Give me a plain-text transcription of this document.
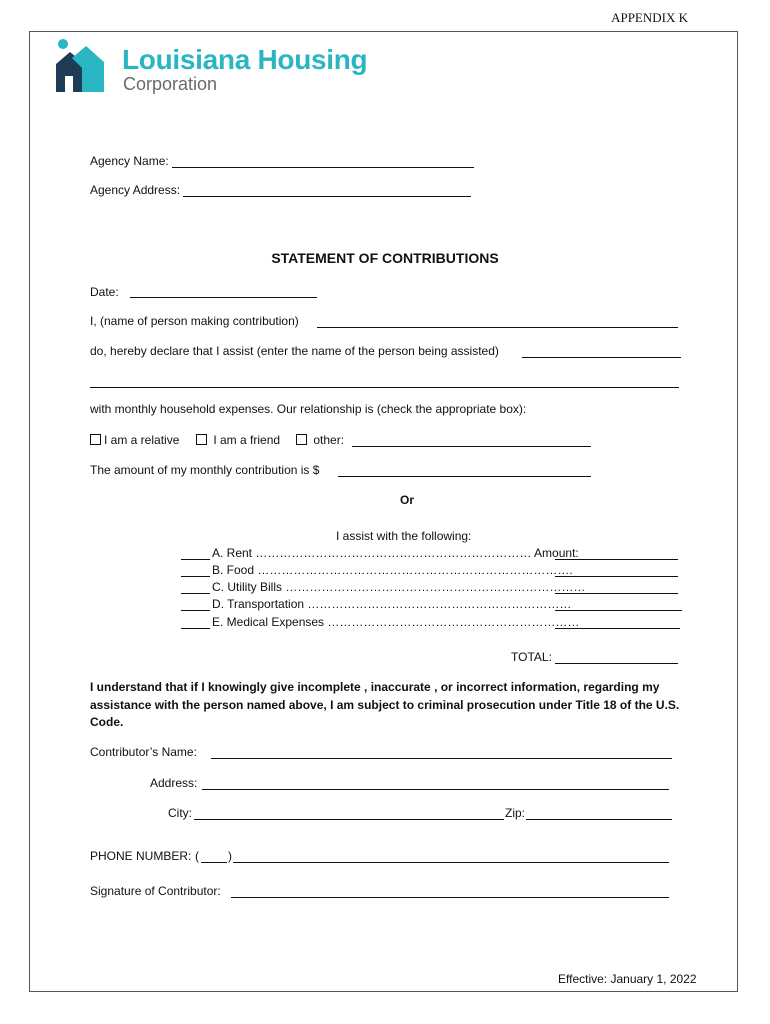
APPENDIX K
Louisiana Housing
Corporation
Agency Name:
Agency Address:
STATEMENT OF CONTRIBUTIONS
Date:
I, (name of person making contribution)
do, hereby declare that I assist (enter the name of the person being assisted)
with monthly household expenses. Our relationship is (check the appropriate box):
I am a relative	I am a friend	other:
The amount of my monthly contribution is $
Or
I assist with the following:
A. Rent …………………………………………………………… Amount:
B. Food …………………………………………………………………….
C. Utility Bills …………………………………………………………………
D. Transportation …………………………………………………………
E. Medical Expenses ………………………………………………………
TOTAL:
I understand that if I knowingly give incomplete , inaccurate , or incorrect information, regarding my assistance with the person named above, I am subject to criminal prosecution under Title 18 of the U.S. Code.
Contributor’s Name:
Address:
City:	Zip:
PHONE NUMBER: ( )
Signature of Contributor:
Effective: January 1, 2022
